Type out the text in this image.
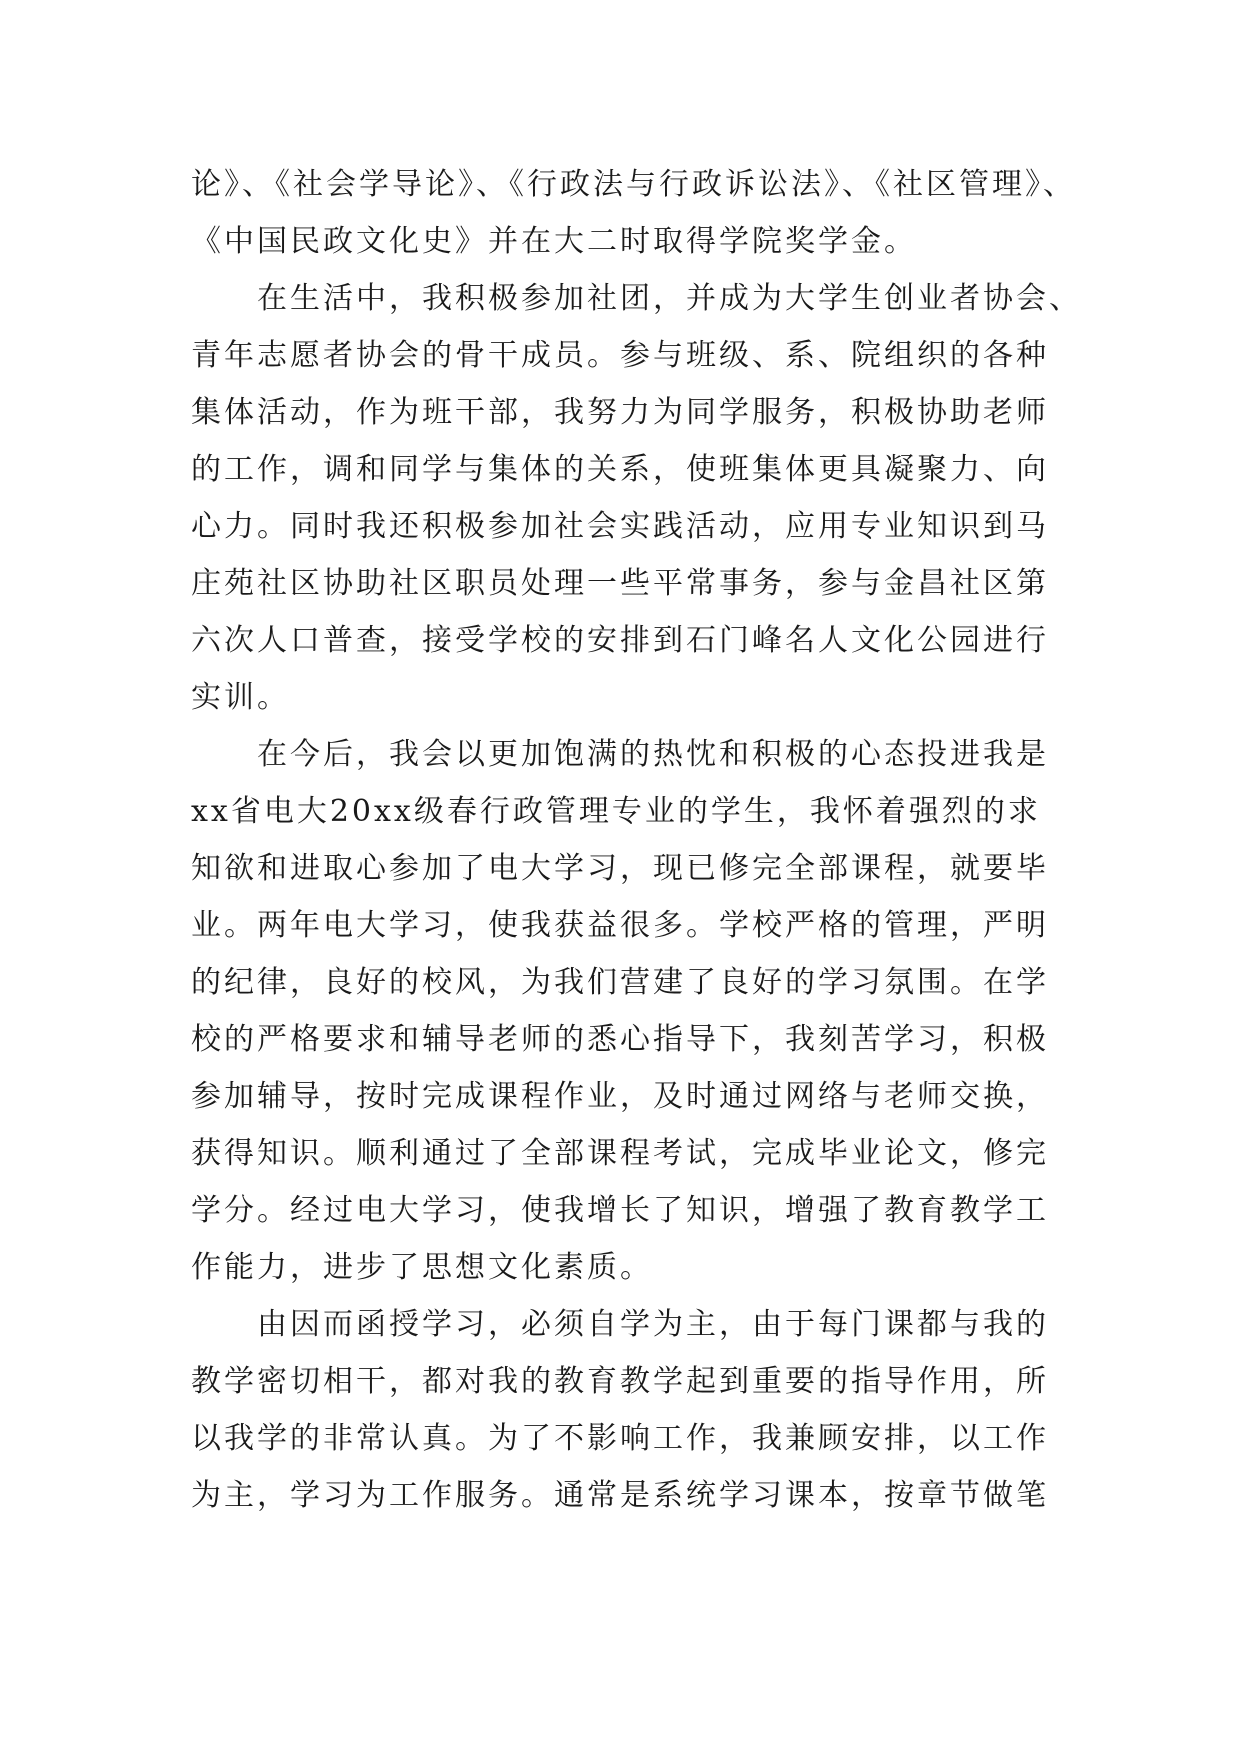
论》、《社会学导论》、《行政法与行政诉讼法》、《社区管理》、
《中国民政文化史》并在大二时取得学院奖学金。
　　在生活中，我积极参加社团，并成为大学生创业者协会、
青年志愿者协会的骨干成员。参与班级、系、院组织的各种
集体活动，作为班干部，我努力为同学服务，积极协助老师
的工作，调和同学与集体的关系，使班集体更具凝聚力、向
心力。同时我还积极参加社会实践活动，应用专业知识到马
庄苑社区协助社区职员处理一些平常事务，参与金昌社区第
六次人口普查，接受学校的安排到石门峰名人文化公园进行
实训。
　　在今后，我会以更加饱满的热忱和积极的心态投进我是
xx省电大20xx级春行政管理专业的学生，我怀着强烈的求
知欲和进取心参加了电大学习，现已修完全部课程，就要毕
业。两年电大学习，使我获益很多。学校严格的管理，严明
的纪律，良好的校风，为我们营建了良好的学习氛围。在学
校的严格要求和辅导老师的悉心指导下，我刻苦学习，积极
参加辅导，按时完成课程作业，及时通过网络与老师交换，
获得知识。顺利通过了全部课程考试，完成毕业论文，修完
学分。经过电大学习，使我增长了知识，增强了教育教学工
作能力，进步了思想文化素质。
　　由因而函授学习，必须自学为主，由于每门课都与我的
教学密切相干，都对我的教育教学起到重要的指导作用，所
以我学的非常认真。为了不影响工作，我兼顾安排，以工作
为主，学习为工作服务。通常是系统学习课本，按章节做笔
